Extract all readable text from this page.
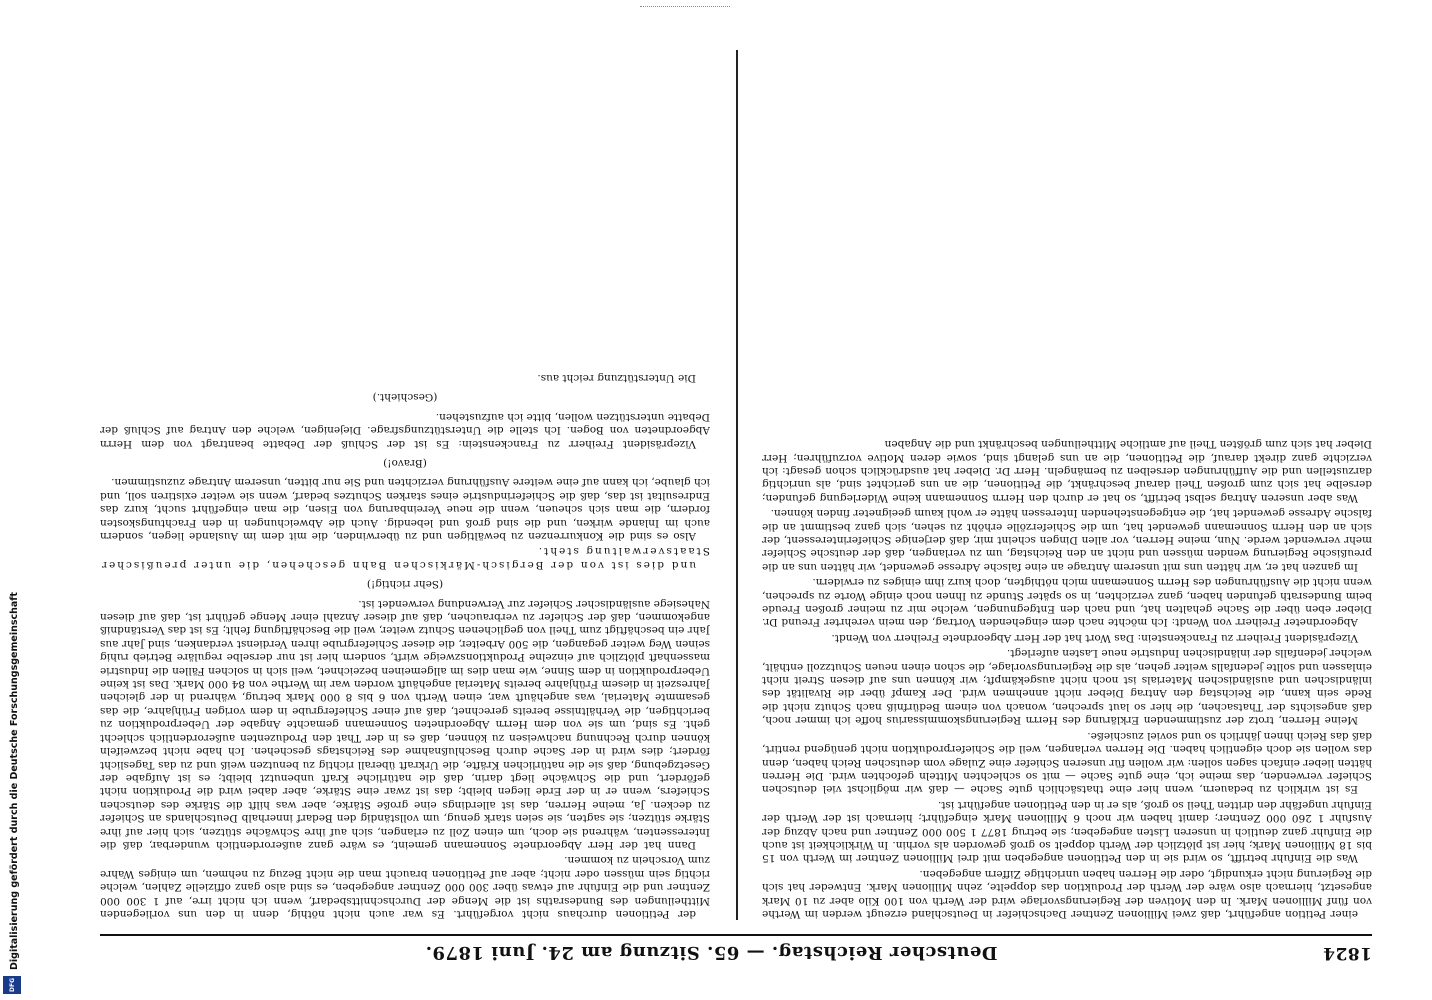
1824
Deutscher Reichstag. — 65. Sitzung am 24. Juni 1879.

einer Petition angeführt, daß zwei Millionen Zentner Dachschiefer in Deutschland erzeugt werden im Werthe von fünf Millionen Mark. In den Motiven der Regierungsvorlage wird der Werth von 100 Kilo aber zu 10 Mark angesetzt, hiernach also wäre der Werth der Produktion das doppelte, zehn Millionen Mark. Entweder hat sich die Regierung nicht erkundigt, oder die Herren haben unrichtige Ziffern angegeben.

Was die Einfuhr betrifft, so wird sie in den Petitionen angegeben mit drei Millionen Zentner im Werth von 15 bis 18 Millionen Mark; hier ist plötzlich der Werth doppelt so groß geworden als vorhin. In Wirklichkeit ist auch die Einfuhr ganz deutlich in unseren Listen angegeben; sie betrug 1877 1 500 000 Zentner und nach Abzug der Ausfuhr 1 260 000 Zentner; damit haben wir noch 6 Millionen Mark eingeführt; hiernach ist der Werth der Einfuhr ungefähr den dritten Theil so groß, als er in den Petitionen angeführt ist.

Es ist wirklich zu bedauern, wenn hier eine thatsächlich gute Sache — daß wir möglichst viel deutschen Schiefer verwenden, das meine ich, eine gute Sache — mit so schlechten Mitteln gefochten wird. Die Herren hätten lieber einfach sagen sollen: wir wollen für unseren Schiefer eine Zulage vom deutschen Reich haben, denn das wollen sie doch eigentlich haben. Die Herren verlangen, weil die Schieferproduktion nicht genügend rentirt, daß das Reich ihnen jährlich so und soviel zuschieße.

Meine Herren, trotz der zustimmenden Erklärung des Herrn Regierungskommissarius hoffe ich immer noch, daß angesichts der Thatsachen, die hier so laut sprechen, wonach von einem Bedürfniß nach Schutz nicht die Rede sein kann, die Reichstag den Antrag Dieber nicht annehmen wird. Der Kampf über die Rivalität des inländischen und ausländischen Materials ist noch nicht ausgekämpft; wir können uns auf diesen Streit nicht einlassen und sollte jedenfalls weiter gehen, als die Regierungsvorlage, die schon einen neuen Schutzzoll enthält, welcher jedenfalls der inländischen Industrie neue Lasten auferlegt.

Vizepräsident Freiherr zu Franckenstein: Das Wort hat der Herr Abgeordnete Freiherr von Wendt.

Abgeordneter Freiherr von Wendt: Ich möchte nach dem eingehenden Vortrag, den mein verehrter Freund Dr. Dieber eben über die Sache gehalten hat, und nach den Entgegnungen, welche mir zu meiner großen Freude beim Bundesrath gefunden haben, ganz verzichten, in so später Stunde zu Ihnen noch einige Worte zu sprechen, wenn nicht die Ausführungen des Herrn Sonnemann mich nöthigten, doch kurz ihm einiges zu erwidern.

Im ganzen hat er, wir hätten uns mit unserem Antrage an eine falsche Adresse gewendet, wir hätten uns an die preußische Regierung wenden müssen und nicht an den Reichstag, um zu verlangen, daß der deutsche Schiefer mehr verwendet werde. Nun, meine Herren, vor allen Dingen scheint mir, daß derjenige Schieferinteressent, der sich an den Herrn Sonnemann gewendet hat, um die Schieferzölle erhöht zu sehen, sich ganz bestimmt an die falsche Adresse gewendet hat, die entgegenstehenden Interessen hätte er wohl kaum geeigneter finden können.

Was aber unseren Antrag selbst betrifft, so hat er durch den Herrn Sonnemann keine Widerlegung gefunden; derselbe hat sich zum großen Theil darauf beschränkt, die Petitionen, die an uns gerichtet sind, als unrichtig darzustellen und die Aufführungen derselben zu bemängeln. Herr Dr. Dieber hat ausdrücklich schon gesagt: ich verzichte ganz direkt darauf, die Petitionen, die an uns gelangt sind, sowie deren Motive vorzuführen; Herr Dieber hat sich zum größten Theil auf amtliche Mittheilungen beschränkt und die Angaben

der Petitionen durchaus nicht vorgeführt. Es war auch nicht nöthig, denn in den uns vorliegenden Mittheilungen des Bundesraths ist die Menge der Durchschnittsbedarf, wenn ich nicht irre, auf 1 300 000 Zentner und die Einfuhr auf etwas über 300 000 Zentner angegeben, es sind also ganz offizielle Zahlen, welche richtig sein müssen oder nicht; aber auf Petitionen braucht man die nicht Bezug zu nehmen, um einiges Wahre zum Vorschein zu kommen.

Dann hat der Herr Abgeordnete Sonnemann gemeint, es wäre ganz außerordentlich wunderbar, daß die Interessenten, während sie doch, um einen Zoll zu erlangen, sich auf ihre Schwäche stützen, sich hier auf ihre Stärke stützen; sie sagten, sie seien stark genug, um vollständig den Bedarf innerhalb Deutschlands an Schiefer zu decken. Ja, meine Herren, das ist allerdings eine große Stärke, aber was hilft die Stärke des deutschen Schiefers, wenn er in der Erde liegen bleibt; das ist zwar eine Stärke, aber dabei wird die Produktion nicht gefördert, und die Schwäche liegt darin, daß die natürliche Kraft unbenutzt bleibt; es ist Aufgabe der Gesetzgebung, daß sie die natürlichen Kräfte, die Urkraft überall richtig zu benutzen weiß und zu das Tageslicht fördert; dies wird in der Sache durch Beschlußnahme des Reichstags geschehen. Ich habe nicht bezweifeln können durch Rechnung nachweisen zu können, daß es in der That den Produzenten außerordentlich schlecht geht. Es sind, um sie von dem Herrn Abgeordneten Sonnemann gemachte Angabe der Ueberproduktion zu berichtigen, die Verhältnisse bereits gerechnet, daß auf einer Schiefergrube in dem vorigen Frühjahre, die das gesammte Material, was angehäuft war, einen Werth von 6 bis 8 000 Mark betrug, während in der gleichen Jahreszeit in diesem Frühjahre bereits Material angehäuft worden war im Werthe von 84 000 Mark. Das ist keine Ueberproduktion in dem Sinne, wie man dies im allgemeinen bezeichnet, weil sich in solchen Fällen die Industrie massenhaft plötzlich auf einzelne Produktionszweige wirft, sondern hier ist nur derselbe reguläre Betrieb ruhig seinen Weg weiter gegangen, die 500 Arbeiter, die dieser Schiefergrube ihren Verdienst verdanken, sind Jahr aus Jahr ein beschäftigt zum Theil von geglichenen Schutz weiter, weil die Beschäftigung fehlt; Es ist das Verständniß angekommen, daß der Schiefer zu verbrauchen, daß auf dieser Anzahl einer Menge geführt ist, daß auf diesen Nahesiege ausländischer Schiefer zur Verwendung verwendet ist.

(Sehr richtig!)

und dies ist von der Bergisch-Märkischen Bahn geschehen, die unter preußischer Staatsverwaltung steht.

Also es sind die Konkurrenzen zu bewältigen und zu überwinden, die mit dem im Auslande liegen, sondern auch im Inlande wirken, und die sind groß und lebendig. Auch die Abweichungen in den Frachtungskosten fordern, die man sich scheuen, wenn die neue Vereinbarung von Eisen, die man eingeführt sucht, kurz das Endresultat ist das, daß die Schieferindustrie eines starken Schutzes bedarf, wenn sie weiter existiren soll, und ich glaube, ich kann auf eine weitere Ausführung verzichten und Sie nur bitten, unserem Antrage zuzustimmen.

(Bravo!)

Vizepräsident Freiherr zu Franckenstein: Es ist der Schluß der Debatte beantragt von dem Herrn Abgeordneten von Bogen. Ich stelle die Unterstützungsfrage. Diejenigen, welche den Antrag auf Schluß der Debatte unterstützen wollen, bitte ich aufzustehen.

(Geschieht.)

Die Unterstützung reicht aus.

Digitalisierung gefördert durch die Deutsche Forschungsgemeinschaft
DFG
